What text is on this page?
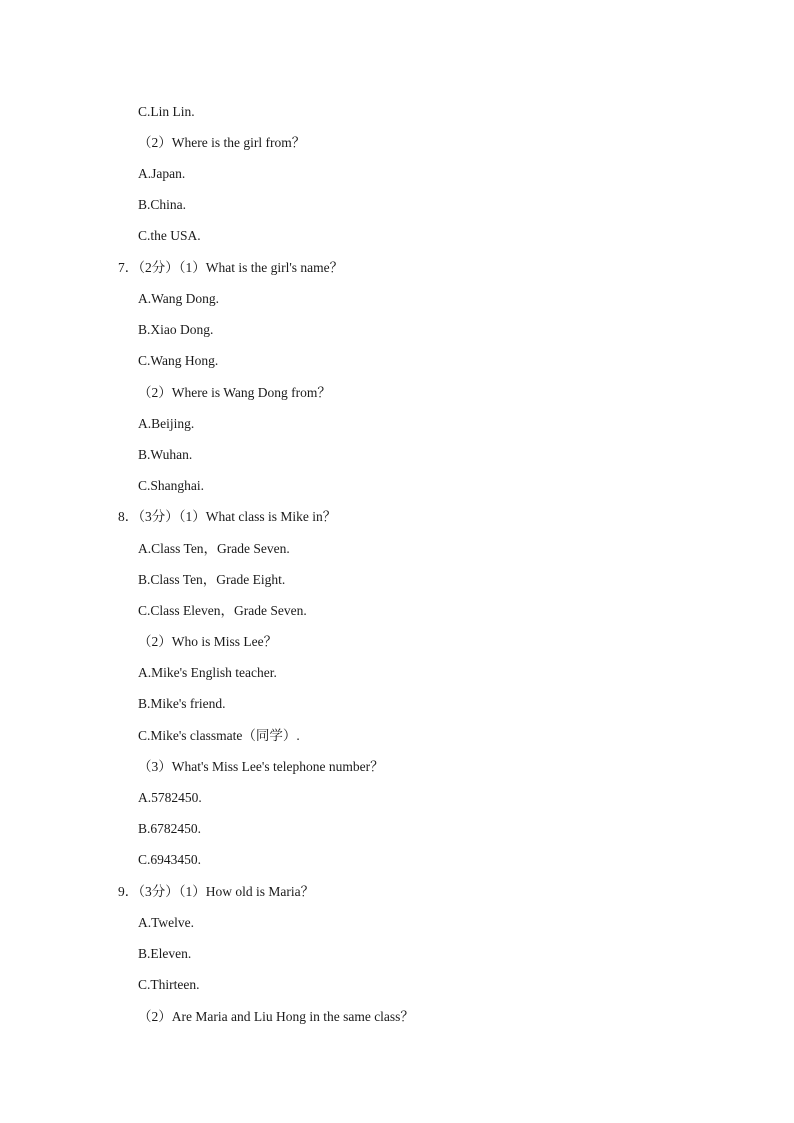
C.Lin Lin.
（2）Where is the girl from？
A.Japan.
B.China.
C.the USA.
7．（2分）（1）What is the girl's name？
A.Wang Dong.
B.Xiao Dong.
C.Wang Hong.
（2）Where is Wang Dong from？
A.Beijing.
B.Wuhan.
C.Shanghai.
8．（3分）（1）What class is Mike in？
A.Class Ten，Grade Seven.
B.Class Ten，Grade Eight.
C.Class Eleven，Grade Seven.
（2）Who is Miss Lee？
A.Mike's English teacher.
B.Mike's friend.
C.Mike's classmate（同学）.
（3）What's Miss Lee's telephone number？
A.5782450.
B.6782450.
C.6943450.
9．（3分）（1）How old is Maria？
A.Twelve.
B.Eleven.
C.Thirteen.
（2）Are Maria and Liu Hong in the same class？
